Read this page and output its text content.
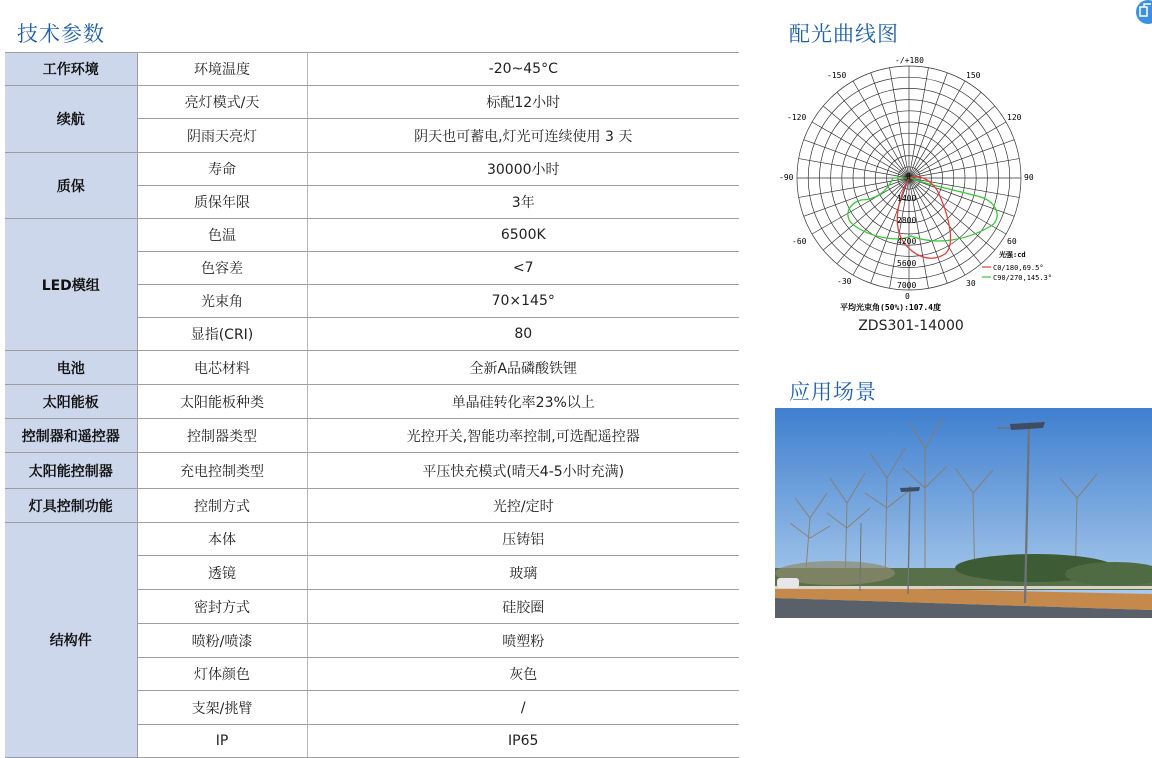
技术参数	配光曲线图
应用场景
工作环境	环境温度	-20~45°C
续航	亮灯模式/天	标配12小时
	阴雨天亮灯	阴天也可蓄电,灯光可连续使用 3 天
质保	寿命	30000小时
	质保年限	3年
LED模组	色温	6500K
	色容差	<7
	光束角	70×145°
	显指(CRI)	80
电池	电芯材料	全新A品磷酸铁锂
太阳能板	太阳能板种类	单晶硅转化率23%以上
控制器和遥控器	控制器类型	光控开关,智能功率控制,可选配遥控器
太阳能控制器	充电控制类型	平压快充模式(晴天4-5小时充满)
灯具控制功能	控制方式	光控/定时
结构件	本体	压铸铝
	透镜	玻璃
	密封方式	硅胶圈
	喷粉/喷漆	喷塑粉
	灯体颜色	灰色
	支架/挑臂	/
	IP	IP65
-/+180
-150	150
-120	120
-90	90
-60	60
-30	30
0
0
1400
2800
4200
5600
7000
光强:cd
C0/180,69.5°
C90/270,145.3°
平均光束角(50%):107.4度
ZDS301-14000
